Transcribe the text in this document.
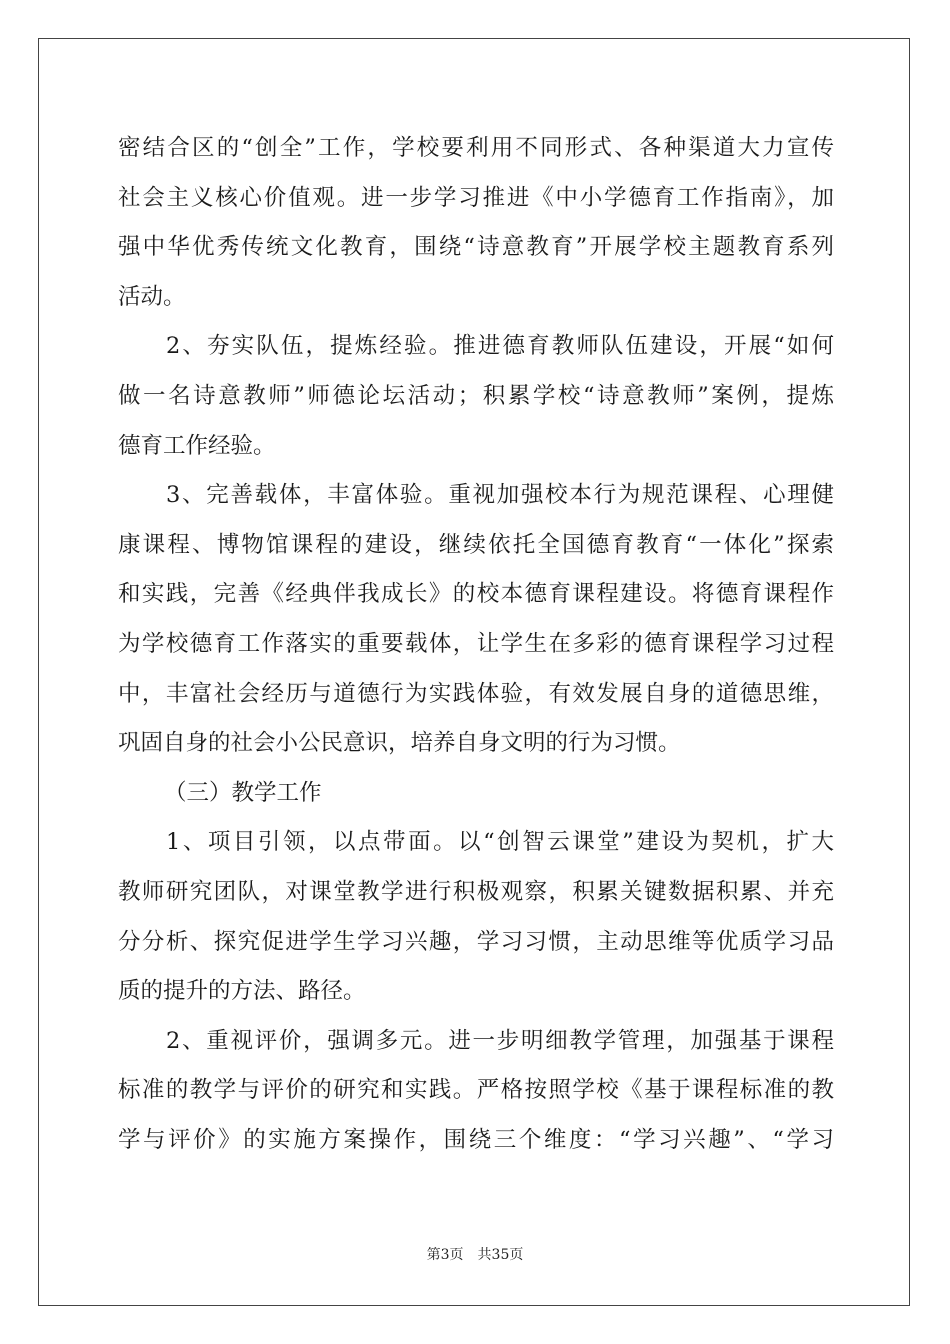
密结合区的“创全”工作，学校要利用不同形式、各种渠道大力宣传
社会主义核心价值观。进一步学习推进《中小学德育工作指南》，加
强中华优秀传统文化教育，围绕“诗意教育”开展学校主题教育系列
活动。
2、夯实队伍，提炼经验。推进德育教师队伍建设，开展“如何
做一名诗意教师”师德论坛活动；积累学校“诗意教师”案例，提炼
德育工作经验。
3、完善载体，丰富体验。重视加强校本行为规范课程、心理健
康课程、博物馆课程的建设，继续依托全国德育教育“一体化”探索
和实践，完善《经典伴我成长》的校本德育课程建设。将德育课程作
为学校德育工作落实的重要载体，让学生在多彩的德育课程学习过程
中，丰富社会经历与道德行为实践体验，有效发展自身的道德思维，
巩固自身的社会小公民意识，培养自身文明的行为习惯。
（三）教学工作
1、项目引领，以点带面。以“创智云课堂”建设为契机，扩大
教师研究团队，对课堂教学进行积极观察，积累关键数据积累、并充
分分析、探究促进学生学习兴趣，学习习惯，主动思维等优质学习品
质的提升的方法、路径。
2、重视评价，强调多元。进一步明细教学管理，加强基于课程
标准的教学与评价的研究和实践。严格按照学校《基于课程标准的教
学与评价》的实施方案操作，围绕三个维度：“学习兴趣”、“学习
第3页　共35页
